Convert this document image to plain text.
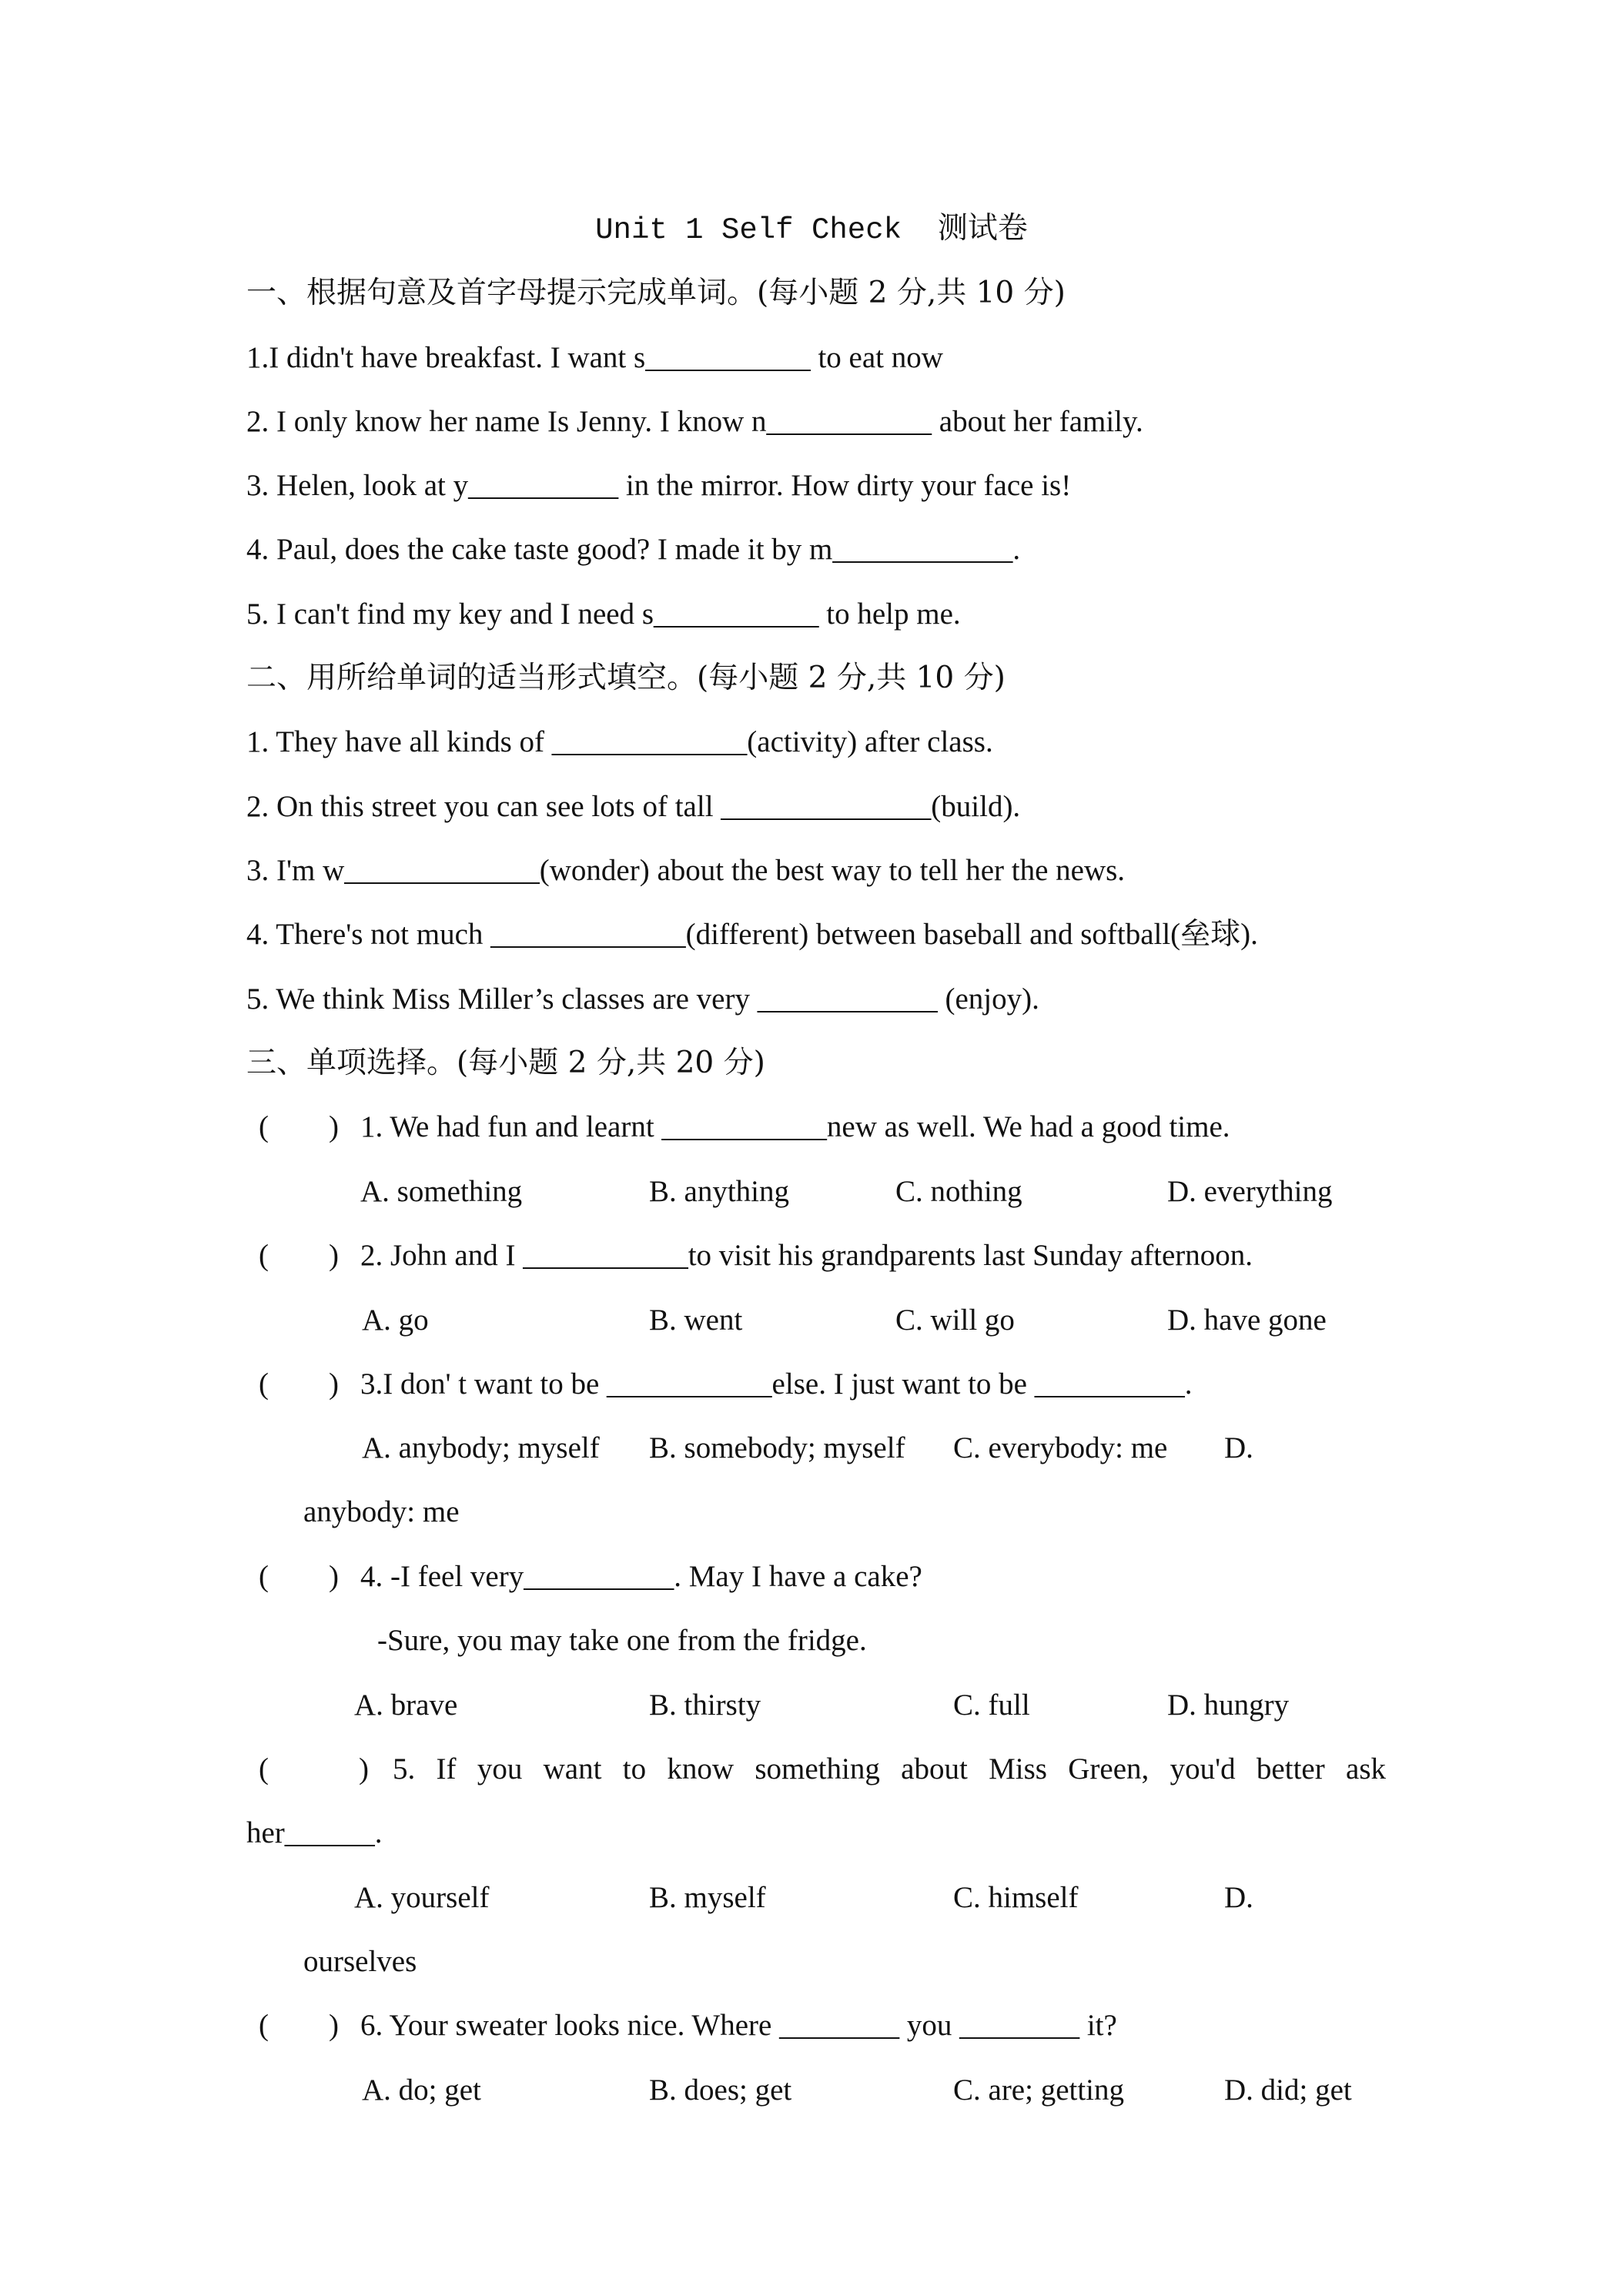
Unit 1 Self Check 测试卷
一、根据句意及首字母提示完成单词。(每小题 2 分,共 10 分)
1.I didn't have breakfast. I want s___________ to eat now
2. I only know her name Is Jenny. I know n___________ about her family.
3. Helen, look at y__________ in the mirror. How dirty your face is!
4. Paul, does the cake taste good? I made it by m____________.
5. I can't find my key and I need s___________ to help me.
二、用所给单词的适当形式填空。(每小题 2 分,共 10 分)
1. They have all kinds of _____________(activity) after class.
2. On this street you can see lots of tall ______________(build).
3. I'm w_____________(wonder) about the best way to tell her the news.
4. There's not much _____________(different) between baseball and softball(垒球).
5. We think Miss Miller’s classes are very ____________ (enjoy).
三、单项选择。(每小题 2 分,共 20 分)
(　　) 1. We had fun and learnt ___________new as well. We had a good time.
A. something	B. anything	C. nothing	D. everything
(　　) 2. John and I ___________to visit his grandparents last Sunday afternoon.
A. go	B. went	C. will go	D. have gone
(　　) 3.I don' t want to be ___________else. I just want to be __________.
A. anybody; myself B. somebody; myself C. everybody: me D.
anybody: me
(　　) 4. -I feel very__________. May I have a cake?
-Sure, you may take one from the fridge.
A. brave	B. thirsty	C. full	D. hungry
(　　　) 5. If you want to know something about Miss Green, you'd better ask
her______.
A. yourself	B. myself	C. himself	D.
ourselves
(　　) 6. Your sweater looks nice. Where ________ you ________ it?
A. do; get	B. does; get	C. are; getting	D. did; get
